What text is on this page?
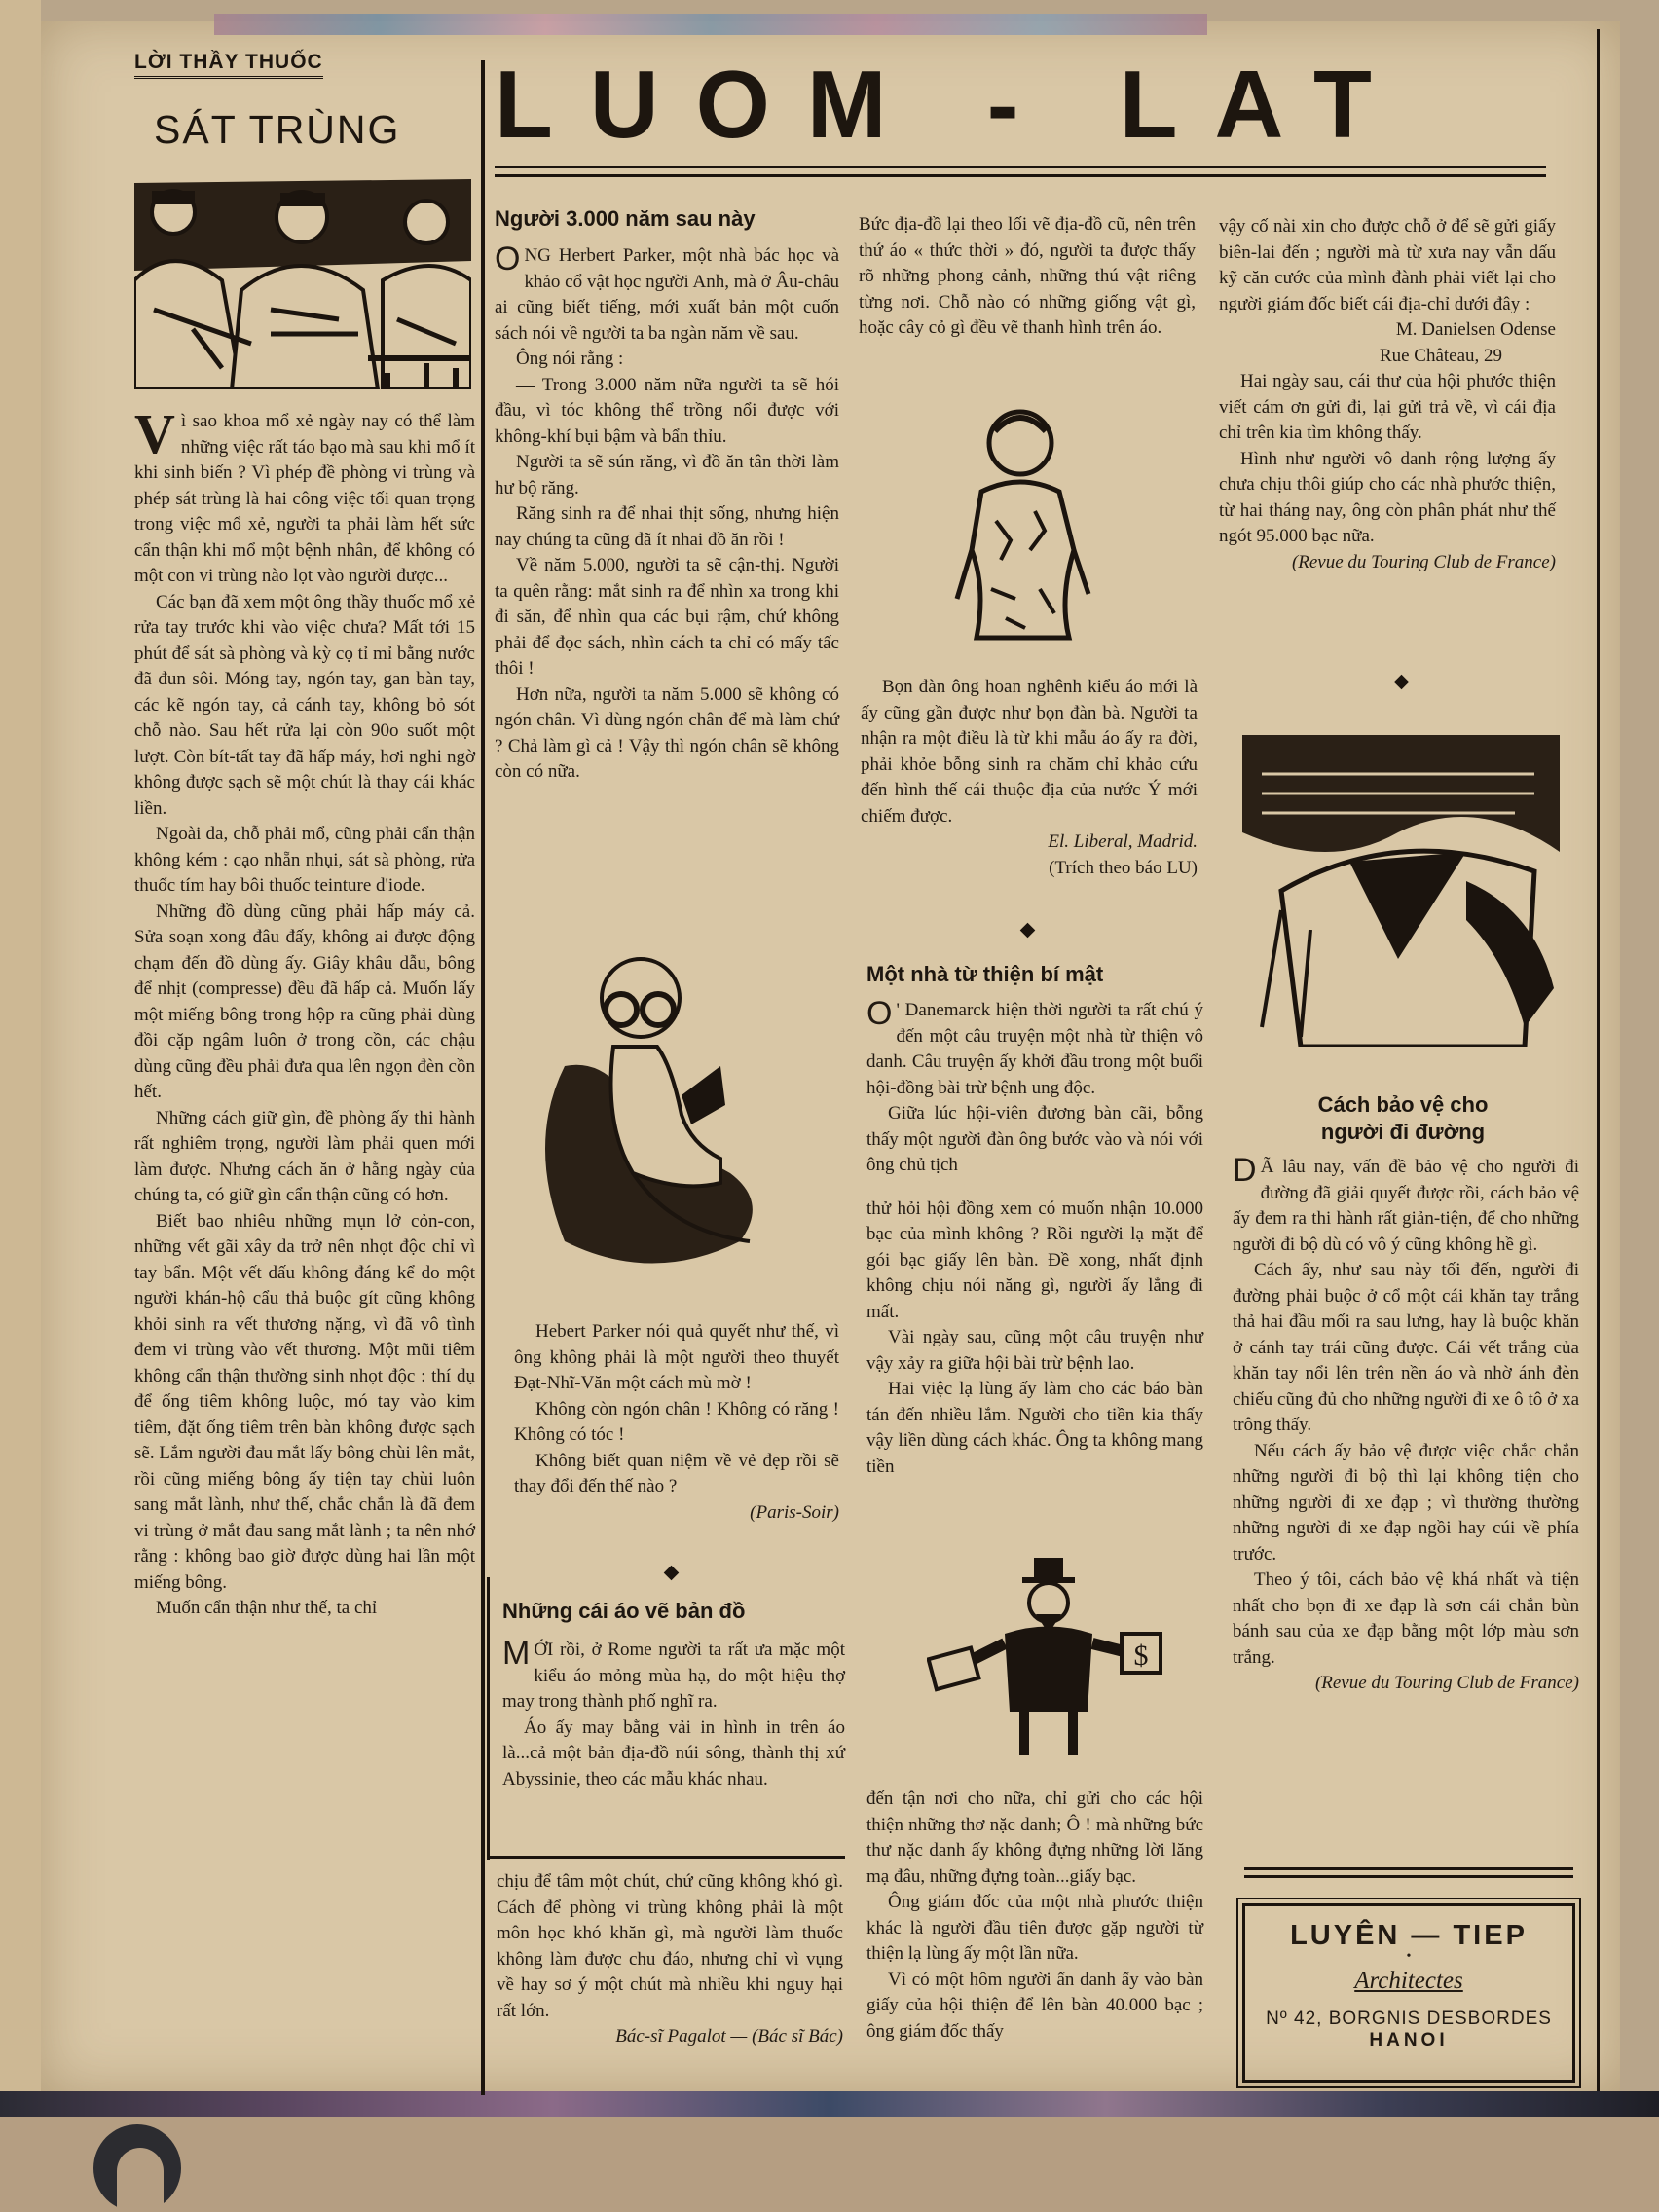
LỜI THẦY THUỐC
SÁT TRÙNG

Vì sao khoa mổ xẻ ngày nay có thể làm những việc rất táo bạo mà sau khi mổ ít khi sinh biến ? Vì phép đề phòng vi trùng và phép sát trùng là hai công việc tối quan trọng trong việc mổ xẻ, người ta phải làm hết sức cẩn thận khi mổ một bệnh nhân, để không có một con vi trùng nào lọt vào người được...

Các bạn đã xem một ông thầy thuốc mổ xẻ rửa tay trước khi vào việc chưa? Mất tới 15 phút để sát sà phòng và kỳ cọ tỉ mỉ bằng nước đã đun sôi. Móng tay, ngón tay, gan bàn tay, các kẽ ngón tay, cả cánh tay, không bỏ sót chỗ nào. Sau hết rửa lại còn 90o suốt một lượt. Còn bít-tất tay đã hấp máy, hơi nghi ngờ không được sạch sẽ một chút là thay cái khác liền.

Ngoài da, chỗ phải mổ, cũng phải cẩn thận không kém : cạo nhẵn nhụi, sát sà phòng, rửa thuốc tím hay bôi thuốc teinture d'iode.

Những đồ dùng cũng phải hấp máy cả. Sửa soạn xong đâu đấy, không ai được động chạm đến đồ dùng ấy. Giây khâu dẫu, bông để nhịt (compresse) đều đã hấp cả. Muốn lấy một miếng bông trong hộp ra cũng phải dùng đồi cặp ngâm luôn ở trong cồn, các chậu dùng cũng đều phải đưa qua lên ngọn đèn cồn hết.

Những cách giữ gìn, đề phòng ấy thi hành rất nghiêm trọng, người làm phải quen mới làm được. Nhưng cách ăn ở hằng ngày của chúng ta, có giữ gìn cẩn thận cũng có hơn.

Biết bao nhiêu những mụn lở cỏn-con, những vết gãi xây da trở nên nhọt độc chỉ vì tay bẩn. Một vết dấu không đáng kể do một người khán-hộ cẩu thả buộc gít cũng không khỏi sinh ra vết thương nặng, vì đã vô tình đem vi trùng vào vết thương. Một mũi tiêm không cẩn thận thường sinh nhọt độc : thí dụ để ống tiêm không luộc, mó tay vào kim tiêm, đặt ống tiêm trên bàn không được sạch sẽ. Lắm người đau mắt lấy bông chùi lên mắt, rồi cũng miếng bông ấy tiện tay chùi luôn sang mắt lành, như thế, chắc chắn là đã đem vi trùng ở mắt đau sang mắt lành ; ta nên nhớ rằng : không bao giờ được dùng hai lần một miếng bông.

Muốn cẩn thận như thế, ta chỉ

LUOM - LAT
Người 3.000 năm sau này

ONG Herbert Parker, một nhà bác học và khảo cổ vật học người Anh, mà ở Âu-châu ai cũng biết tiếng, mới xuất bản một cuốn sách nói về người ta ba ngàn năm về sau.

Ông nói rằng :

— Trong 3.000 năm nữa người ta sẽ hói đầu, vì tóc không thể trồng nổi được với không-khí bụi bậm và bẩn thỉu.

Người ta sẽ sún răng, vì đồ ăn tân thời làm hư bộ răng.

Răng sinh ra để nhai thịt sống, nhưng hiện nay chúng ta cũng đã ít nhai đồ ăn rồi !

Về năm 5.000, người ta sẽ cận-thị. Người ta quên rằng: mắt sinh ra để nhìn xa trong khi đi săn, để nhìn qua các bụi rậm, chứ không phải để đọc sách, nhìn cách ta chỉ có mấy tấc thôi !

Hơn nữa, người ta năm 5.000 sẽ không có ngón chân. Vì dùng ngón chân để mà làm chứ ? Chả làm gì cả ! Vậy thì ngón chân sẽ không còn có nữa.

Hebert Parker nói quả quyết như thế, vì ông không phải là một người theo thuyết Đạt-Nhĩ-Văn một cách mù mờ !

Không còn ngón chân ! Không có răng ! Không có tóc !

Không biết quan niệm về vẻ đẹp rồi sẽ thay đổi đến thế nào ?

(Paris-Soir)

Những cái áo vẽ bản đồ

MỚI rồi, ở Rome người ta rất ưa mặc một kiểu áo mỏng mùa hạ, do một hiệu thợ may trong thành phố nghĩ ra.

Áo ấy may bằng vải in hình in trên áo là...cả một bản địa-đồ núi sông, thành thị xứ Abyssinie, theo các mẫu khác nhau.

chịu để tâm một chút, chứ cũng không khó gì. Cách để phòng vi trùng không phải là một môn học khó khăn gì, mà người làm thuốc không làm được chu đáo, nhưng chỉ vì vụng về hay sơ ý một chút mà nhiều khi nguy hại rất lớn.

Bác-sĩ Pagalot — (Bác sĩ Bác)

Bức địa-đồ lại theo lối vẽ địa-đồ cũ, nên trên thứ áo « thức thời » đó, người ta được thấy rõ những phong cảnh, những thú vật riêng từng nơi. Chỗ nào có những giống vật gì, hoặc cây cỏ gì đều vẽ thanh hình trên áo.

Bọn đàn ông hoan nghênh kiểu áo mới là ấy cũng gần được như bọn đàn bà. Người ta nhận ra một điều là từ khi mẫu áo ấy ra đời, phải khỏe bỗng sinh ra chăm chỉ khảo cứu đến hình thế cái thuộc địa của nước Ý mới chiếm được.

El. Liberal, Madrid.

(Trích theo báo LU)

Một nhà từ thiện bí mật

O ' Danemarck hiện thời người ta rất chú ý đến một câu truyện một nhà từ thiện vô danh. Câu truyện ấy khởi đầu trong một buổi hội-đồng bài trừ bệnh ung độc.

Giữa lúc hội-viên đương bàn cãi, bỗng thấy một người đàn ông bước vào và nói với ông chủ tịch

thử hỏi hội đồng xem có muốn nhận 10.000 bạc của mình không ? Rồi người lạ mặt để gói bạc giấy lên bàn. Đề xong, nhất định không chịu nói năng gì, người ấy lẳng đi mất.

Vài ngày sau, cũng một câu truyện như vậy xảy ra giữa hội bài trừ bệnh lao.

Hai việc lạ lùng ấy làm cho các báo bàn tán đến nhiều lắm. Người cho tiền kia thấy vậy liền dùng cách khác. Ông ta không mang tiền

$

đến tận nơi cho nữa, chỉ gửi cho các hội thiện những thơ nặc danh; Ô ! mà những bức thư nặc danh ấy không đựng những lời lăng mạ đâu, những đựng toàn...giấy bạc.

Ông giám đốc của một nhà phước thiện khác là người đầu tiên được gặp người từ thiện lạ lùng ấy một lần nữa.

Vì có một hôm người ẩn danh ấy vào bàn giấy của hội thiện để lên bàn 40.000 bạc ; ông giám đốc thấy

vậy cố nài xin cho được chỗ ở để sẽ gửi giấy biên-lai đến ; người mà từ xưa nay vẫn dấu kỹ căn cước của mình đành phải viết lại cho người giám đốc biết cái địa-chỉ dưới đây :

M. Danielsen Odense

Rue Château, 29

Hai ngày sau, cái thư của hội phước thiện viết cám ơn gửi đi, lại gửi trả về, vì cái địa chỉ trên kia tìm không thấy.

Hình như người vô danh rộng lượng ấy chưa chịu thôi giúp cho các nhà phước thiện, từ hai tháng nay, ông còn phân phát như thế ngót 95.000 bạc nữa.

(Revue du Touring Club de France)

Cách bảo vệ cho
người đi đường

D Ã lâu nay, vấn đề bảo vệ cho người đi đường đã giải quyết được rồi, cách bảo vệ ấy đem ra thi hành rất giản-tiện, để cho những người đi bộ dù có vô ý cũng không hề gì.

Cách ấy, như sau này tối đến, người đi đường phải buộc ở cổ một cái khăn tay trắng thả hai đầu mối ra sau lưng, hay là buộc khăn ở cánh tay trái cũng được. Cái vết trắng của khăn tay nổi lên trên nền áo và nhờ ánh đèn chiếu cũng đủ cho những người đi xe ô tô ở xa trông thấy.

Nếu cách ấy bảo vệ được việc chắc chắn những người đi bộ thì lại không tiện cho những người đi xe đạp ; vì thường thường những người đi xe đạp ngồi hay cúi về phía trước.

Theo ý tôi, cách bảo vệ khá nhất và tiện nhất cho bọn đi xe đạp là sơn cái chắn bùn bánh sau của xe đạp bằng một lớp màu sơn trắng.

(Revue du Touring Club de France)

LUYÊN — TIEP
•
Architectes
Nº 42, BORGNIS DESBORDES
HANOI
